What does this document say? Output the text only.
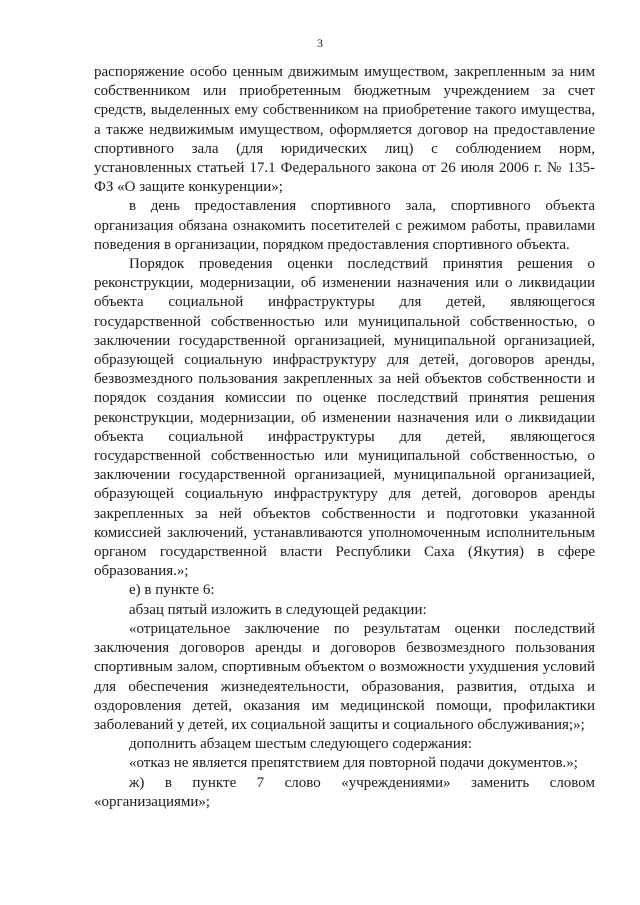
3

распоряжение особо ценным движимым имуществом, закрепленным за ним собственником или приобретенным бюджетным учреждением за счет средств, выделенных ему собственником на приобретение такого имущества, а также недвижимым имуществом, оформляется договор на предоставление спортивного зала (для юридических лиц) с соблюдением норм, установленных статьей 17.1 Федерального закона от 26 июля 2006 г. № 135-ФЗ «О защите конкуренции»;

в день предоставления спортивного зала, спортивного объекта организация обязана ознакомить посетителей с режимом работы, правилами поведения в организации, порядком предоставления спортивного объекта.

Порядок проведения оценки последствий принятия решения о реконструкции, модернизации, об изменении назначения или о ликвидации объекта социальной инфраструктуры для детей, являющегося государственной собственностью или муниципальной собственностью, о заключении государственной организацией, муниципальной организацией, образующей социальную инфраструктуру для детей, договоров аренды, безвозмездного пользования закрепленных за ней объектов собственности и порядок создания комиссии по оценке последствий принятия решения реконструкции, модернизации, об изменении назначения или о ликвидации объекта социальной инфраструктуры для детей, являющегося государственной собственностью или муниципальной собственностью, о заключении государственной организацией, муниципальной организацией, образующей социальную инфраструктуру для детей, договоров аренды закрепленных за ней объектов собственности и подготовки указанной комиссией заключений, устанавливаются уполномоченным исполнительным органом государственной власти Республики Саха (Якутия) в сфере образования.»;

е) в пункте 6:

абзац пятый изложить в следующей редакции:

«отрицательное заключение по результатам оценки последствий заключения договоров аренды и договоров безвозмездного пользования спортивным залом, спортивным объектом о возможности ухудшения условий для обеспечения жизнедеятельности, образования, развития, отдыха и оздоровления детей, оказания им медицинской помощи, профилактики заболеваний у детей, их социальной защиты и социального обслуживания;»;

дополнить абзацем шестым следующего содержания:

«отказ не является препятствием для повторной подачи документов.»;

ж) в пункте 7 слово «учреждениями» заменить словом «организациями»;
